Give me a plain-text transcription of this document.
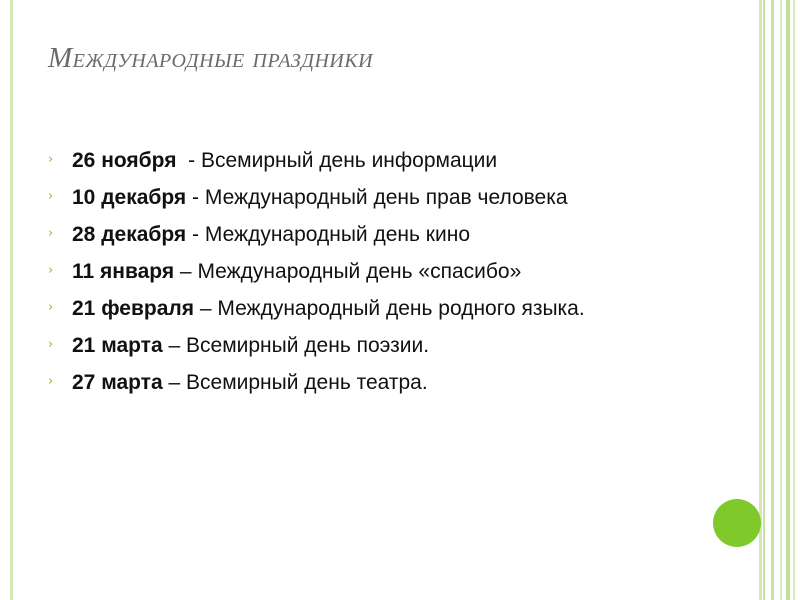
Международные праздники
› 26 ноября - Всемирный день информации
› 10 декабря - Международный день прав человека
› 28 декабря - Международный день кино
› 11 января – Международный день «спасибо»
› 21 февраля – Международный день родного языка.
› 21 марта – Всемирный день поэзии.
› 27 марта – Всемирный день театра.
